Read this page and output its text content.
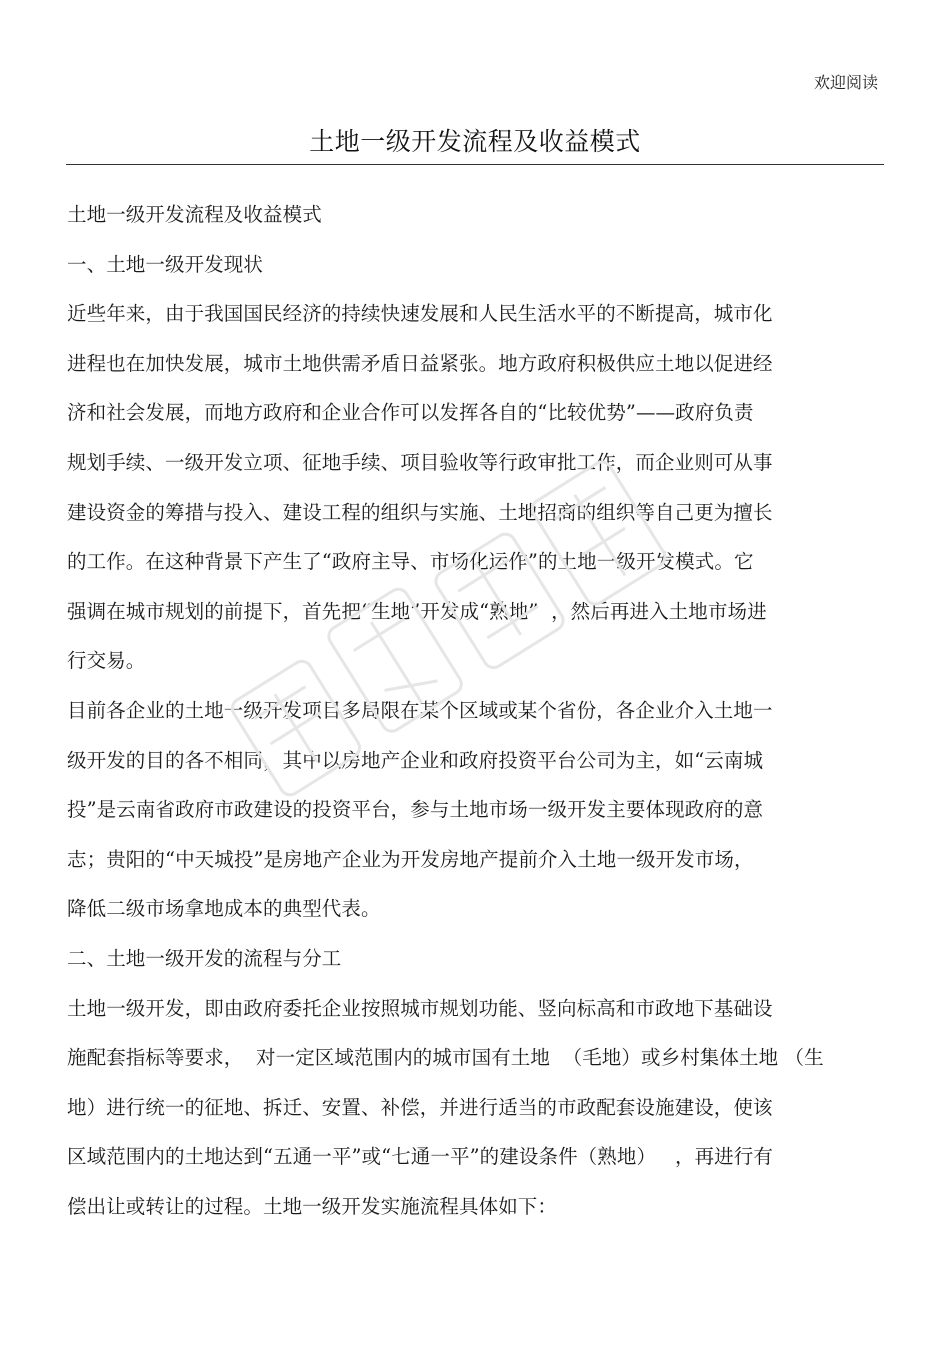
欢迎阅读
土地一级开发流程及收益模式
土地一级开发流程及收益模式
一、土地一级开发现状
近些年来，由于我国国民经济的持续快速发展和人民生活水平的不断提高，城市化
进程也在加快发展，城市土地供需矛盾日益紧张。地方政府积极供应土地以促进经
济和社会发展，而地方政府和企业合作可以发挥各自的“比较优势”——政府负责
规划手续、一级开发立项、征地手续、项目验收等行政审批工作，而企业则可从事
建设资金的筹措与投入、建设工程的组织与实施、土地招商的组织等自己更为擅长
的工作。在这种背景下产生了“政府主导、市场化运作”的土地一级开发模式。它
强调在城市规划的前提下，首先把“生地”开发成“熟地”  ，然后再进入土地市场进
行交易。
目前各企业的土地一级开发项目多局限在某个区域或某个省份，各企业介入土地一
级开发的目的各不相同，其中以房地产企业和政府投资平台公司为主，如“云南城
投”是云南省政府市政建设的投资平台，参与土地市场一级开发主要体现政府的意
志；贵阳的“中天城投”是房地产企业为开发房地产提前介入土地一级开发市场，
降低二级市场拿地成本的典型代表。
二、土地一级开发的流程与分工
土地一级开发，即由政府委托企业按照城市规划功能、竖向标高和市政地下基础设
施配套指标等要求，  对一定区域范围内的城市国有土地  （毛地）或乡村集体土地 （生
地）进行统一的征地、拆迁、安置、补偿，并进行适当的市政配套设施建设，使该
区域范围内的土地达到“五通一平”或“七通一平”的建设条件（熟地）   ，再进行有
偿出让或转让的过程。土地一级开发实施流程具体如下：
